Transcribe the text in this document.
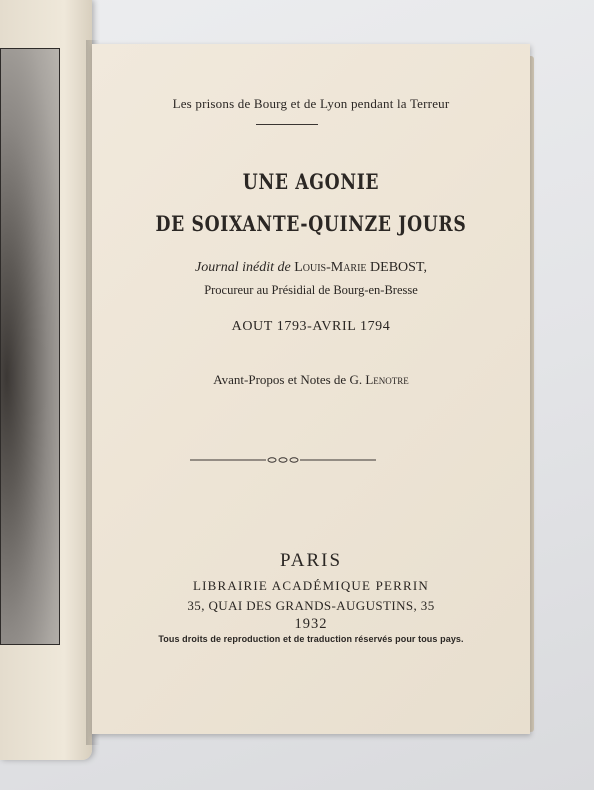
Les prisons de Bourg et de Lyon pendant la Terreur
UNE AGONIE
DE SOIXANTE-QUINZE JOURS
Journal inédit de Louis-Marie DEBOST,
Procureur au Présidial de Bourg-en-Bresse
AOUT 1793-AVRIL 1794
Avant-Propos et Notes de G. Lenotre
PARIS
LIBRAIRIE ACADÉMIQUE PERRIN
35, QUAI DES GRANDS-AUGUSTINS, 35
1932
Tous droits de reproduction et de traduction réservés pour tous pays.
